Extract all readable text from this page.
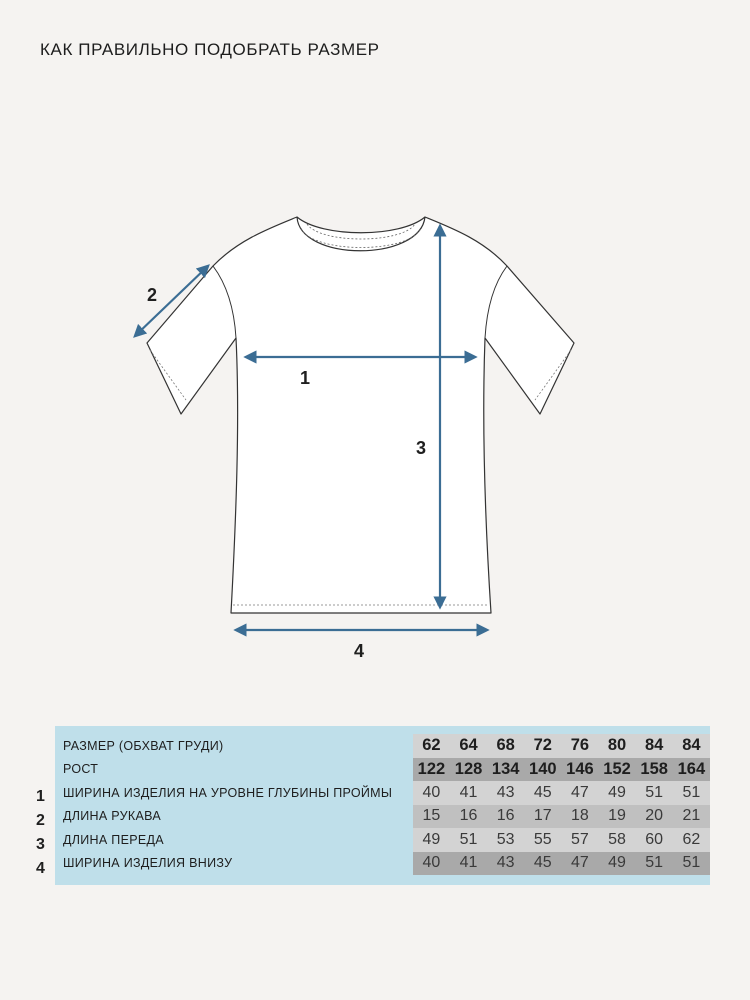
КАК ПРАВИЛЬНО ПОДОБРАТЬ РАЗМЕР
1
2
3
4
РАЗМЕР (ОБХВАТ ГРУДИ)	62	64	68	72	76	80	84	84
РОСТ	122	128	134	140	146	152	158	164
ШИРИНА ИЗДЕЛИЯ НА УРОВНЕ ГЛУБИНЫ ПРОЙМЫ	40	41	43	45	47	49	51	51
ДЛИНА РУКАВА	15	16	16	17	18	19	20	21
ДЛИНА ПЕРЕДА	49	51	53	55	57	58	60	62
ШИРИНА ИЗДЕЛИЯ ВНИЗУ	40	41	43	45	47	49	51	51
1
2
3
4
